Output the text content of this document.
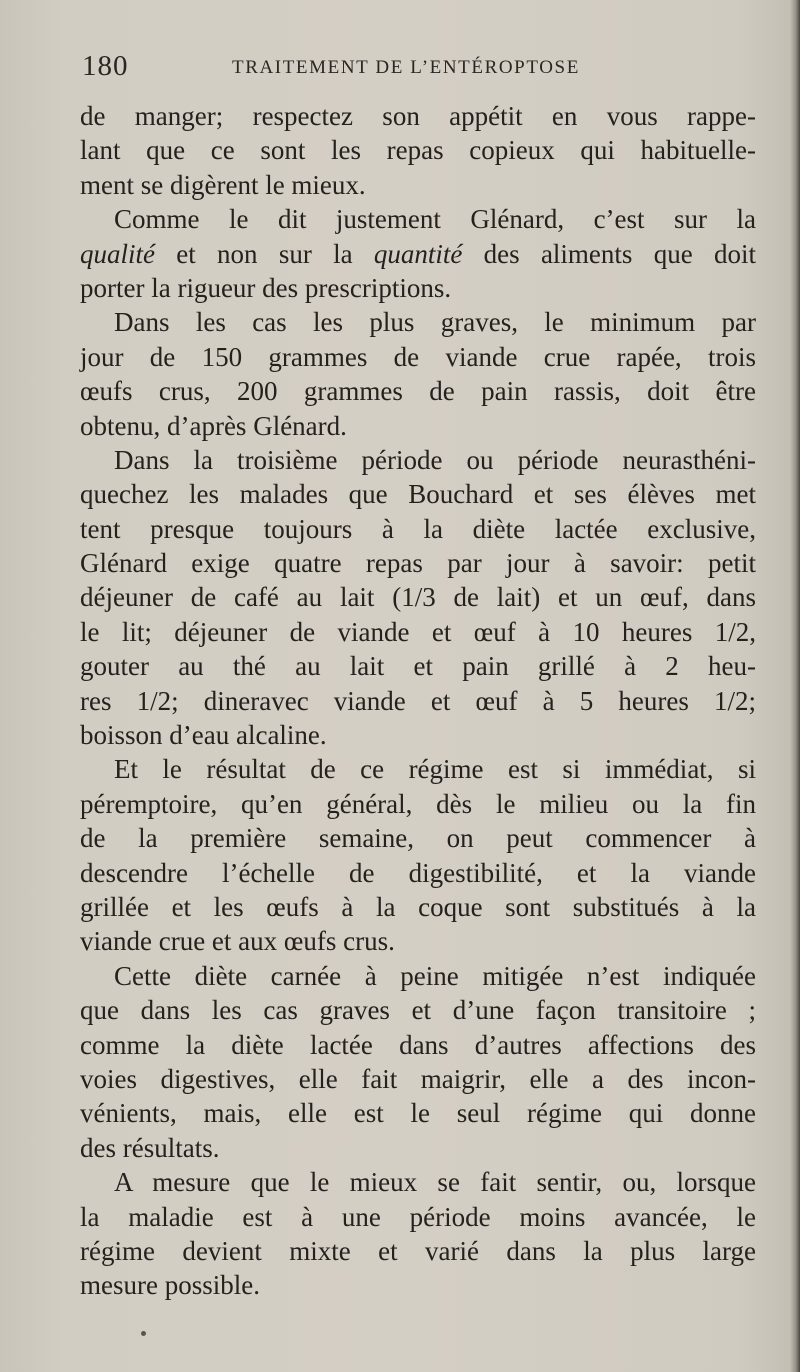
180	TRAITEMENT DE L’ENTÉROPTOSE
de manger; respectez son appétit en vous rappe-
lant que ce sont les repas copieux qui habituelle-
ment se digèrent le mieux.
Comme le dit justement Glénard, c’est sur la
qualité et non sur la quantité des aliments que doit
porter la rigueur des prescriptions.
Dans les cas les plus graves, le minimum par
jour de 150 grammes de viande crue rapée, trois
œufs crus, 200 grammes de pain rassis, doit être
obtenu, d’après Glénard.
Dans la troisième période ou période neurasthéni-
quechez les malades que Bouchard et ses élèves met
tent presque toujours à la diète lactée exclusive,
Glénard exige quatre repas par jour à savoir: petit
déjeuner de café au lait (1/3 de lait) et un œuf, dans
le lit; déjeuner de viande et œuf à 10 heures 1/2,
gouter au thé au lait et pain grillé à 2 heu-
res 1/2; dineravec viande et œuf à 5 heures 1/2;
boisson d’eau alcaline.
Et le résultat de ce régime est si immédiat, si
péremptoire, qu’en général, dès le milieu ou la fin
de la première semaine, on peut commencer à
descendre l’échelle de digestibilité, et la viande
grillée et les œufs à la coque sont substitués à la
viande crue et aux œufs crus.
Cette diète carnée à peine mitigée n’est indiquée
que dans les cas graves et d’une façon transitoire ;
comme la diète lactée dans d’autres affections des
voies digestives, elle fait maigrir, elle a des incon-
vénients, mais, elle est le seul régime qui donne
des résultats.
A mesure que le mieux se fait sentir, ou, lorsque
la maladie est à une période moins avancée, le
régime devient mixte et varié dans la plus large
mesure possible.
